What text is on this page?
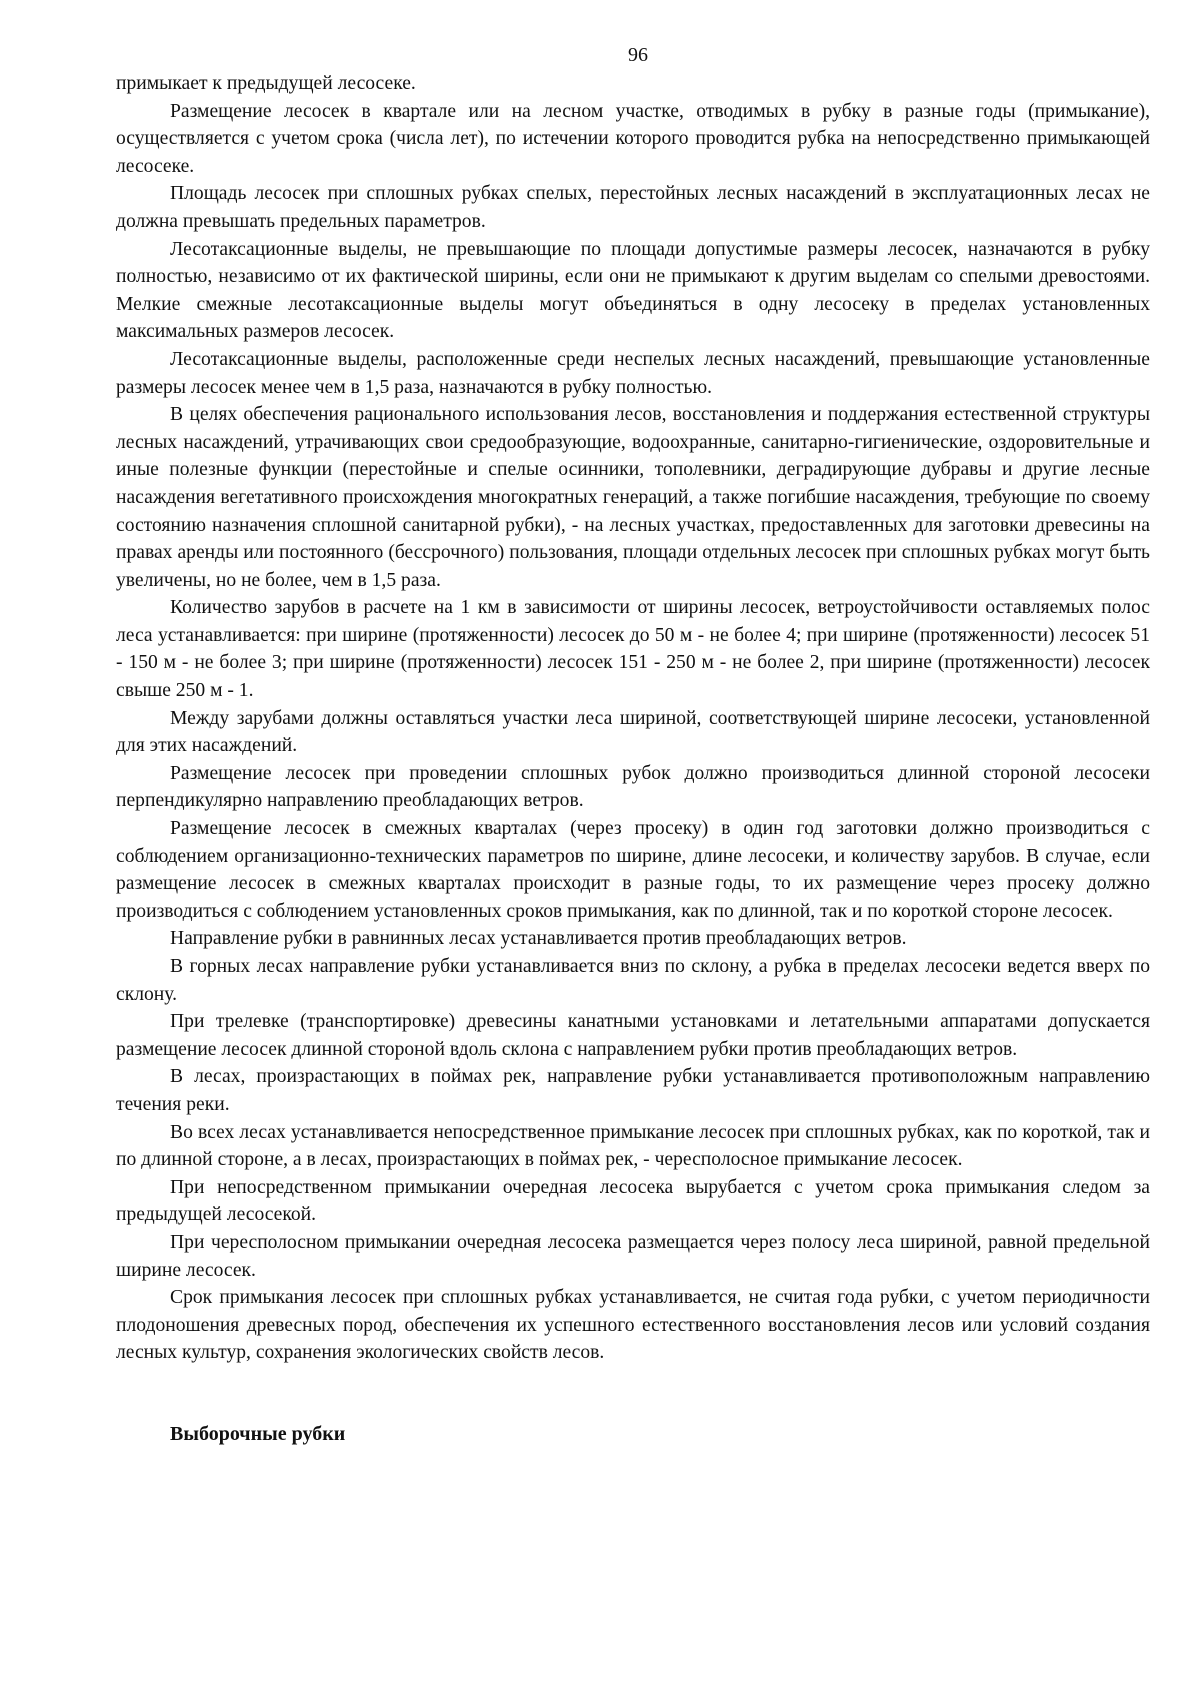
96

примыкает к предыдущей лесосеке.

Размещение лесосек в квартале или на лесном участке, отводимых в рубку в разные годы (примыкание), осуществляется с учетом срока (числа лет), по истечении которого проводится рубка на непосредственно примыкающей лесосеке.

Площадь лесосек при сплошных рубках спелых, перестойных лесных насаждений в эксплуатационных лесах не должна превышать предельных параметров.

Лесотаксационные выделы, не превышающие по площади допустимые размеры лесосек, назначаются в рубку полностью, независимо от их фактической ширины, если они не примыкают к другим выделам со спелыми древостоями. Мелкие смежные лесотаксационные выделы могут объединяться в одну лесосеку в пределах установленных максимальных размеров лесосек.

Лесотаксационные выделы, расположенные среди неспелых лесных насаждений, превышающие установленные размеры лесосек менее чем в 1,5 раза, назначаются в рубку полностью.

В целях обеспечения рационального использования лесов, восстановления и поддержания естественной структуры лесных насаждений, утрачивающих свои средообразующие, водоохранные, санитарно-гигиенические, оздоровительные и иные полезные функции (перестойные и спелые осинники, тополевники, деградирующие дубравы и другие лесные насаждения вегетативного происхождения многократных генераций, а также погибшие насаждения, требующие по своему состоянию назначения сплошной санитарной рубки), - на лесных участках, предоставленных для заготовки древесины на правах аренды или постоянного (бессрочного) пользования, площади отдельных лесосек при сплошных рубках могут быть увеличены, но не более, чем в 1,5 раза.

Количество зарубов в расчете на 1 км в зависимости от ширины лесосек, ветроустойчивости оставляемых полос леса устанавливается: при ширине (протяженности) лесосек до 50 м - не более 4; при ширине (протяженности) лесосек 51 - 150 м - не более 3; при ширине (протяженности) лесосек 151 - 250 м - не более 2, при ширине (протяженности) лесосек свыше 250 м - 1.

Между зарубами должны оставляться участки леса шириной, соответствующей ширине лесосеки, установленной для этих насаждений.

Размещение лесосек при проведении сплошных рубок должно производиться длинной стороной лесосеки перпендикулярно направлению преобладающих ветров.

Размещение лесосек в смежных кварталах (через просеку) в один год заготовки должно производиться с соблюдением организационно-технических параметров по ширине, длине лесосеки, и количеству зарубов. В случае, если размещение лесосек в смежных кварталах происходит в разные годы, то их размещение через просеку должно производиться с соблюдением установленных сроков примыкания, как по длинной, так и по короткой стороне лесосек.

Направление рубки в равнинных лесах устанавливается против преобладающих ветров.

В горных лесах направление рубки устанавливается вниз по склону, а рубка в пределах лесосеки ведется вверх по склону.

При трелевке (транспортировке) древесины канатными установками и летательными аппаратами допускается размещение лесосек длинной стороной вдоль склона с направлением рубки против преобладающих ветров.

В лесах, произрастающих в поймах рек, направление рубки устанавливается противоположным направлению течения реки.

Во всех лесах устанавливается непосредственное примыкание лесосек при сплошных рубках, как по короткой, так и по длинной стороне, а в лесах, произрастающих в поймах рек, - чересполосное примыкание лесосек.

При непосредственном примыкании очередная лесосека вырубается с учетом срока примыкания следом за предыдущей лесосекой.

При чересполосном примыкании очередная лесосека размещается через полосу леса шириной, равной предельной ширине лесосек.

Срок примыкания лесосек при сплошных рубках устанавливается, не считая года рубки, с учетом периодичности плодоношения древесных пород, обеспечения их успешного естественного восстановления лесов или условий создания лесных культур, сохранения экологических свойств лесов.

Выборочные рубки
